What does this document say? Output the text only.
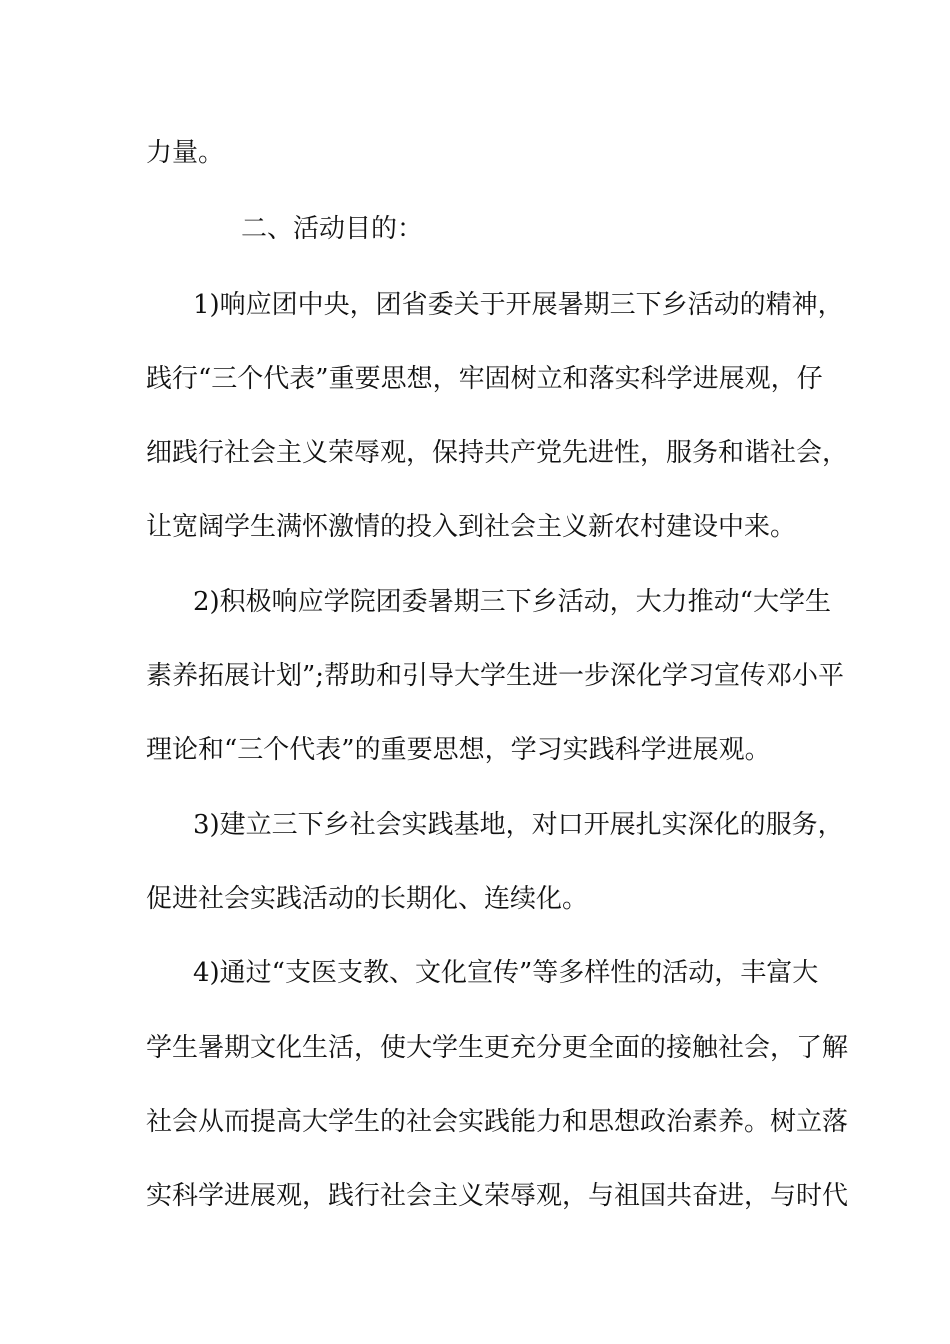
力量。
二、活动目的：
1)响应团中央，团省委关于开展暑期三下乡活动的精神，
践行“三个代表”重要思想，牢固树立和落实科学进展观，仔
细践行社会主义荣辱观，保持共产党先进性，服务和谐社会，
让宽阔学生满怀激情的投入到社会主义新农村建设中来。
2)积极响应学院团委暑期三下乡活动，大力推动“大学生
素养拓展计划”;帮助和引导大学生进一步深化学习宣传邓小平
理论和“三个代表”的重要思想，学习实践科学进展观。
3)建立三下乡社会实践基地，对口开展扎实深化的服务，
促进社会实践活动的长期化、连续化。
4)通过“支医支教、文化宣传”等多样性的活动，丰富大
学生暑期文化生活，使大学生更充分更全面的接触社会，了解
社会从而提高大学生的社会实践能力和思想政治素养。树立落
实科学进展观，践行社会主义荣辱观，与祖国共奋进，与时代
